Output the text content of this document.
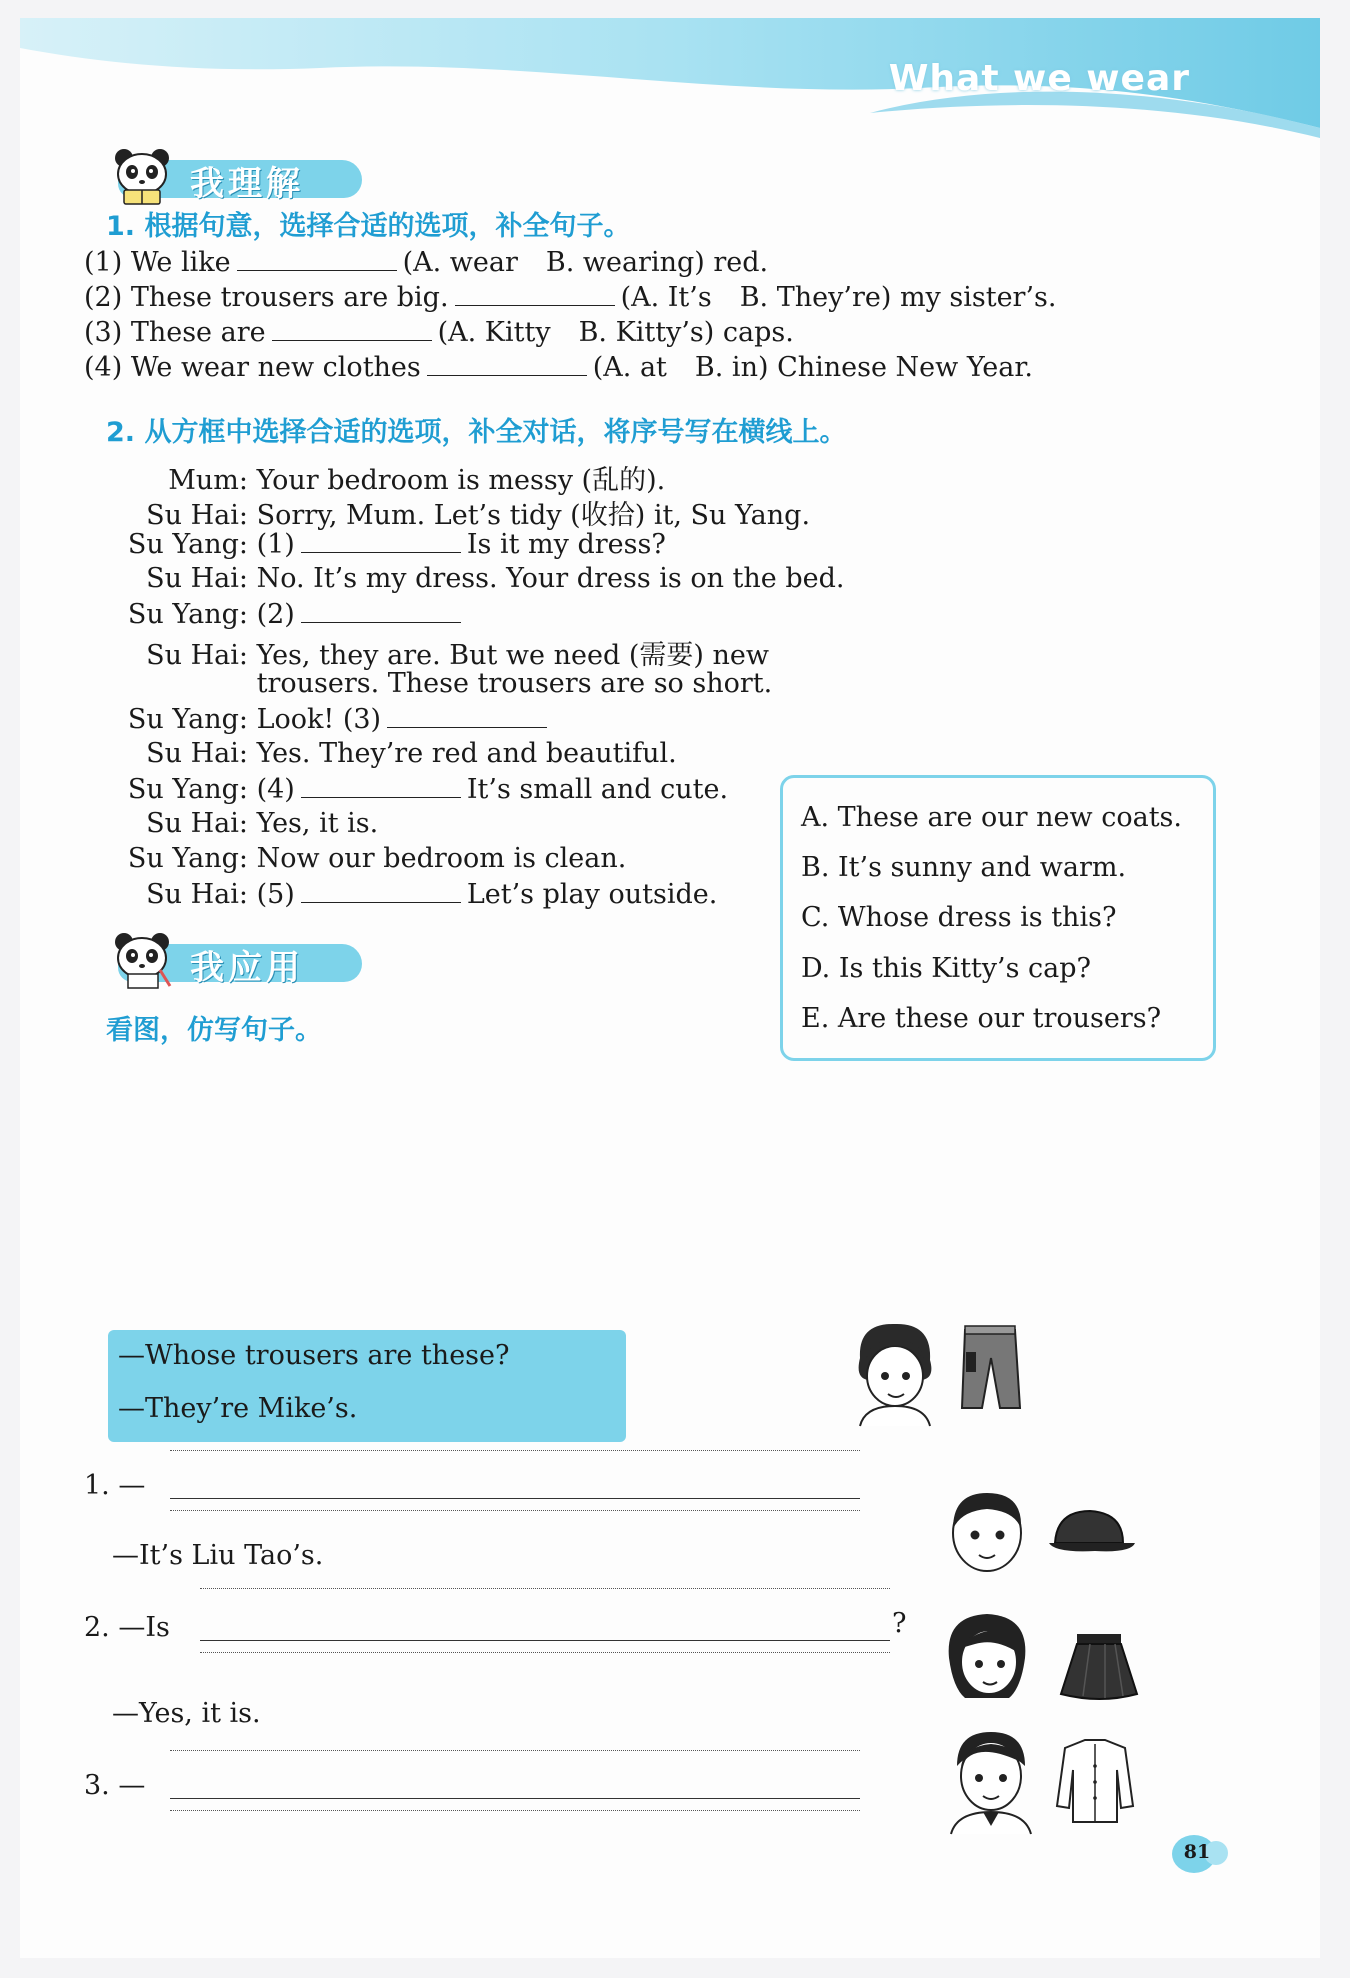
What we wear
我理解
1. 根据句意，选择合适的选项，补全句子。
(1) We like	(A. wear B. wearing) red.
(2) These trousers are big.	(A. It’s B. They’re) my sister’s.
(3) These are	(A. Kitty B. Kitty’s) caps.
(4) We wear new clothes	(A. at B. in) Chinese New Year.
2. 从方框中选择合适的选项，补全对话，将序号写在横线上。
Mum: Your bedroom is messy (乱的).
Su Hai: Sorry, Mum. Let’s tidy (收拾) it, Su Yang.
Su Yang: (1)	Is it my dress?
Su Hai: No. It’s my dress. Your dress is on the bed.
Su Yang: (2)
Su Hai: Yes, they are. But we need (需要) new
trousers. These trousers are so short.
Su Yang: Look! (3)
Su Hai: Yes. They’re red and beautiful.
Su Yang: (4)	It’s small and cute.
Su Hai: Yes, it is.
Su Yang: Now our bedroom is clean.
Su Hai: (5)	Let’s play outside.
A. These are our new coats.
B. It’s sunny and warm.
C. Whose dress is this?
D. Is this Kitty’s cap?
E. Are these our trousers?
我应用
看图，仿写句子。
—Whose trousers are these?
—They’re Mike’s.
1. —
—It’s Liu Tao’s.
2. —Is	?
—Yes, it is.
3. —
81
